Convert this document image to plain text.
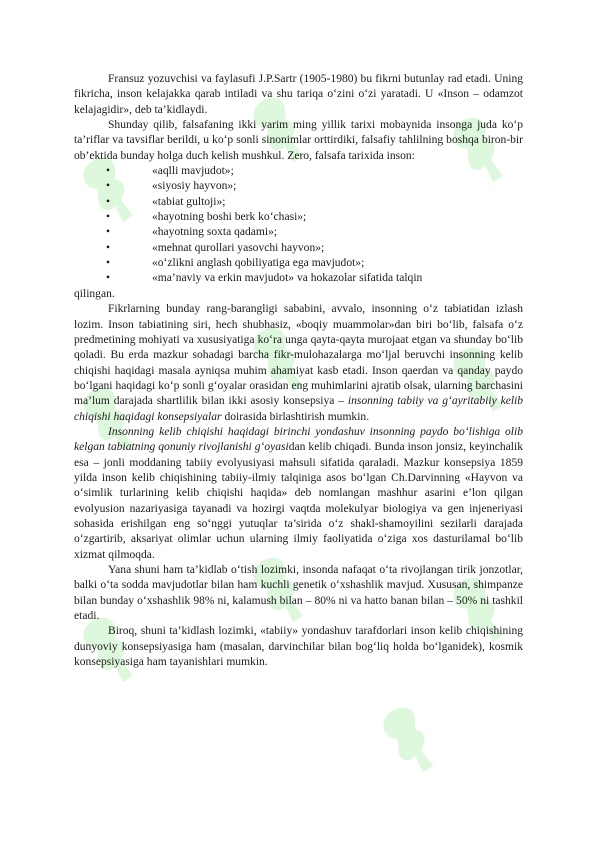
Fransuz yozuvchisi va faylasufi J.P.Sartr (1905-1980) bu fikrni butunlay rad etadi. Uning fikricha, inson kelajakka qarab intiladi va shu tariqa o‘zini o‘zi yaratadi. U «Inson – odamzot kelajagidir», deb ta’kidlaydi.

Shunday qilib, falsafaning ikki yarim ming yillik tarixi mobaynida insonga juda ko‘p ta’riflar va tavsiflar berildi, u ko‘p sonli sinonimlar orttirdiki, falsafiy tahlilning boshqa biron-bir ob’ektida bunday holga duch kelish mushkul. Zero, falsafa tarixida inson:

•	«aqlli mavjudot»;
•	«siyosiy hayvon»;
•	«tabiat gultoji»;
•	«hayotning boshi berk ko‘chasi»;
•	«hayotning soxta qadami»;
•	«mehnat qurollari yasovchi hayvon»;
•	«o‘zlikni anglash qobiliyatiga ega mavjudot»;
•	«ma’naviy va erkin mavjudot» va hokazolar sifatida talqin

qilingan.

Fikrlarning bunday rang-barangligi sababini, avvalo, insonning o‘z tabiatidan izlash lozim. Inson tabiatining siri, hech shubhasiz, «boqiy muammolar»dan biri bo‘lib, falsafa o‘z predmetining mohiyati va xususiyatiga ko‘ra unga qayta-qayta murojaat etgan va shunday bo‘lib qoladi. Bu erda mazkur sohadagi barcha fikr-mulohazalarga mo‘ljal beruvchi insonning kelib chiqishi haqidagi masala ayniqsa muhim ahamiyat kasb etadi. Inson qaerdan va qanday paydo bo‘lgani haqidagi ko‘p sonli g‘oyalar orasidan eng muhimlarini ajratib olsak, ularning barchasini ma’lum darajada shartlilik bilan ikki asosiy konsepsiya – insonning tabiiy va g‘ayritabiiy kelib chiqishi haqidagi konsepsiyalar doirasida birlashtirish mumkin.

Insonning kelib chiqishi haqidagi birinchi yondashuv insonning paydo bo‘lishiga olib kelgan tabiatning qonuniy rivojlanishi g‘oyasidan kelib chiqadi. Bunda inson jonsiz, keyinchalik esa – jonli moddaning tabiiy evolyusiyasi mahsuli sifatida qaraladi. Mazkur konsepsiya 1859 yilda inson kelib chiqishining tabiiy-ilmiy talqiniga asos bo‘lgan Ch.Darvinning «Hayvon va o‘simlik turlarining kelib chiqishi haqida» deb nomlangan mashhur asarini e’lon qilgan evolyusion nazariyasiga tayanadi va hozirgi vaqtda molekulyar biologiya va gen injeneriyasi sohasida erishilgan eng so‘nggi yutuqlar ta’sirida o‘z shakl-shamoyilini sezilarli darajada o‘zgartirib, aksariyat olimlar uchun ularning ilmiy faoliyatida o‘ziga xos dasturilamal bo‘lib xizmat qilmoqda.

Yana shuni ham ta’kidlab o‘tish lozimki, insonda nafaqat o‘ta rivojlangan tirik jonzotlar, balki o‘ta sodda mavjudotlar bilan ham kuchli genetik o‘xshashlik mavjud. Xususan, shimpanze bilan bunday o‘xshashlik 98% ni, kalamush bilan – 80% ni va hatto banan bilan – 50% ni tashkil etadi.

Biroq, shuni ta’kidlash lozimki, «tabiiy» yondashuv tarafdorlari inson kelib chiqishining dunyoviy konsepsiyasiga ham (masalan, darvinchilar bilan bog‘liq holda bo‘lganidek), kosmik konsepsiyasiga ham tayanishlari mumkin.
